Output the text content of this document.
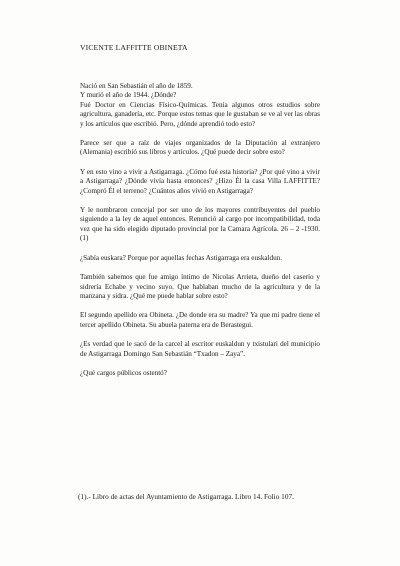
VICENTE LAFFITTE OBINETA

Nació en San Sebastián el año de 1859.

Y murió el año de 1944. ¿Dónde?

Fué Doctor en Ciencias Físico-Químicas. Tenía algunos otros estudios sobre agricultura, ganadería, etc. Porque estos temas que le gustaban se ve al ver las obras y los artículos que escribió. Pero, ¿dónde aprendió todo esto?

Parece ser que a raíz de viajes organizados de la Diputación al extranjero (Alemania) escribió sus libros y artículos. ¿Qué puede decir sobre esto?

Y en esto vino a vivir a Astigarraga. ¿Cómo fué esta historia? ¿Por qué vino a vivir a Astigarraga? ¿Dónde vivía hasta entonces? ¿Hizo Él la casa Villa LAFFITTE? ¿Compró Él el terreno? ¿Cuántos años vivió en Astigarraga?

Y le nombraron concejal por ser uno de los mayores contribuyentes del pueblo siguiendo a la ley de aquel entonces. Renunció al cargo por incompatibilidad, toda vez que ha sido elegido diputado provincial por la Camara Agrícola. 26 – 2 -1930. (1)

¿Sabía euskara? Porque por aquellas fechas Astigarraga era euskaldun.

También sabemos que fue amigo íntimo de Nicolas Arrieta, dueño del caserío y sidrería Echabe y vecino suyo. Que hablaban mucho de la agricultura y de la manzana y sidra. ¿Qué me puede hablar sobre esto?

El segundo apellido era Obineta. ¿De donde era su madre? Ya que mi padre tiene el tercer apellido Obineta. Su abuela paterna era de Berastegui.

¿Es verdad que le sacó de la carcel al escritor euskaldun y txistulari del municipio de Astigarraga Domingo San Sebastián “Txadon – Zaya”.

¿Qué cargos públicos ostentó?

(1).- Libro de actas del Ayuntamiento de Astigarraga. Libro 14. Folio 107.
